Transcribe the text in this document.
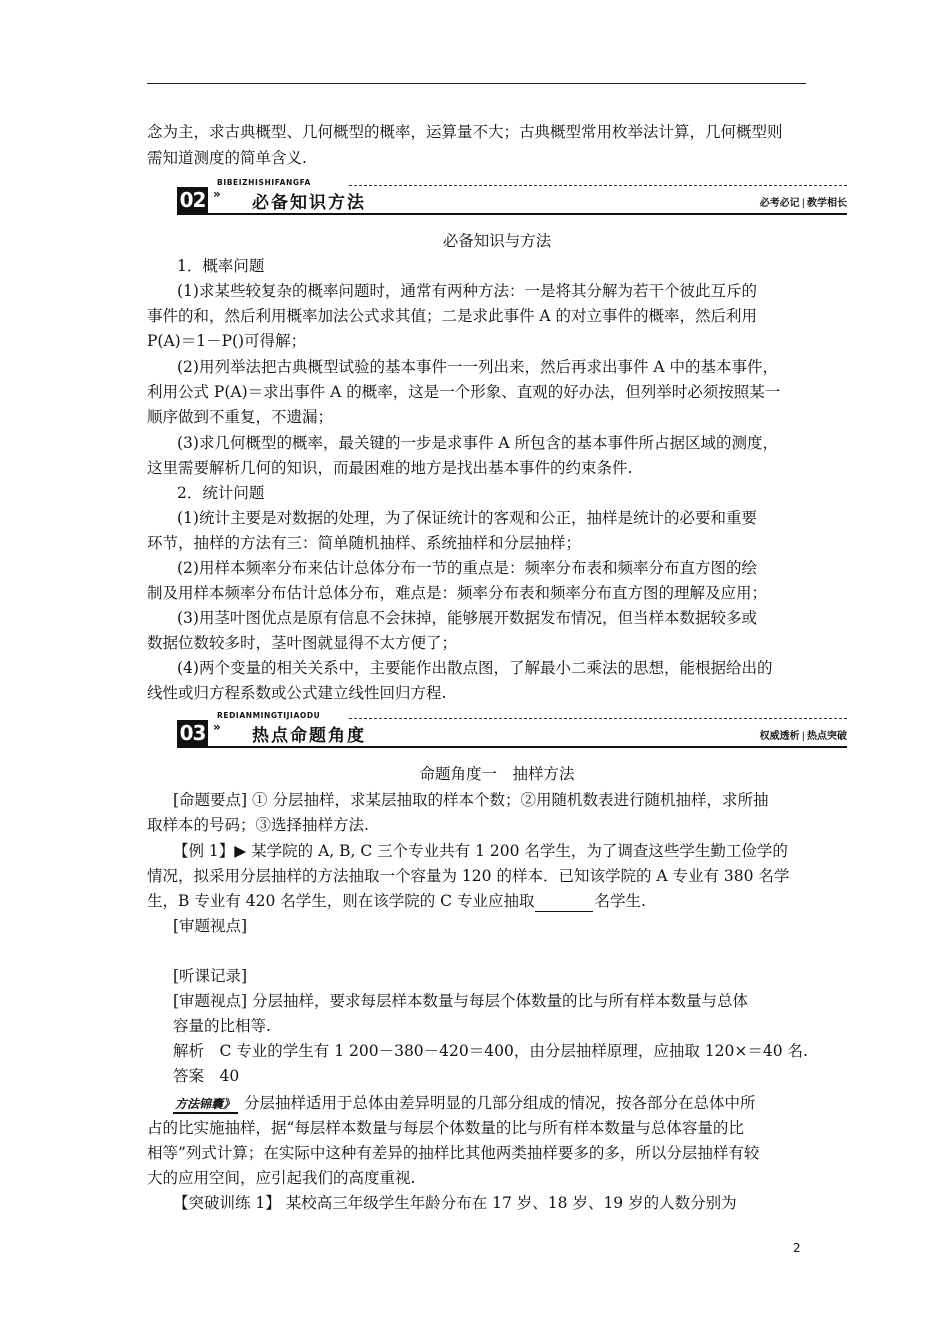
念为主，求古典概型、几何概型的概率，运算量不大；古典概型常用枚举法计算，几何概型则
需知道测度的简单含义.
BIBEIZHISHIFANGFA
02 » 必备知识方法	必考必记 | 教学相长
必备知识与方法
1．概率问题
(1)求某些较复杂的概率问题时，通常有两种方法：一是将其分解为若干个彼此互斥的
事件的和，然后利用概率加法公式求其值；二是求此事件 A 的对立事件的概率，然后利用
P(A)＝1－P()可得解；
(2)用列举法把古典概型试验的基本事件一一列出来，然后再求出事件 A 中的基本事件，
利用公式 P(A)＝求出事件 A 的概率，这是一个形象、直观的好办法，但列举时必须按照某一
顺序做到不重复，不遗漏；
(3)求几何概型的概率，最关键的一步是求事件 A 所包含的基本事件所占据区域的测度，
这里需要解析几何的知识，而最困难的地方是找出基本事件的约束条件.
2．统计问题
(1)统计主要是对数据的处理，为了保证统计的客观和公正，抽样是统计的必要和重要
环节，抽样的方法有三：简单随机抽样、系统抽样和分层抽样；
(2)用样本频率分布来估计总体分布一节的重点是：频率分布表和频率分布直方图的绘
制及用样本频率分布估计总体分布，难点是：频率分布表和频率分布直方图的理解及应用；
(3)用茎叶图优点是原有信息不会抹掉，能够展开数据发布情况，但当样本数据较多或
数据位数较多时，茎叶图就显得不太方便了；
(4)两个变量的相关关系中，主要能作出散点图，了解最小二乘法的思想，能根据给出的
线性或归方程系数或公式建立线性回归方程.
REDIANMINGTIJIAODU
03 » 热点命题角度	权威透析 | 热点突破
命题角度一　抽样方法
[命题要点] ① 分层抽样，求某层抽取的样本个数；②用随机数表进行随机抽样，求所抽
取样本的号码；③选择抽样方法.
【例 1】▶ 某学院的 A, B, C 三个专业共有 1 200 名学生，为了调查这些学生勤工俭学的
情况，拟采用分层抽样的方法抽取一个容量为 120 的样本．已知该学院的 A 专业有 380 名学
生，B 专业有 420 名学生，则在该学院的 C 专业应抽取	名学生.
[审题视点]
[听课记录]
[审题视点] 分层抽样，要求每层样本数量与每层个体数量的比与所有样本数量与总体
容量的比相等.
解析　C 专业的学生有 1 200－380－420＝400，由分层抽样原理，应抽取 120×＝40 名.
答案　40
方法锦囊》 分层抽样适用于总体由差异明显的几部分组成的情况，按各部分在总体中所
占的比实施抽样，据“每层样本数量与每层个体数量的比与所有样本数量与总体容量的比
相等”列式计算；在实际中这种有差异的抽样比其他两类抽样要多的多，所以分层抽样有较
大的应用空间，应引起我们的高度重视.
【突破训练 1】 某校高三年级学生年龄分布在 17 岁、18 岁、19 岁的人数分别为
2
